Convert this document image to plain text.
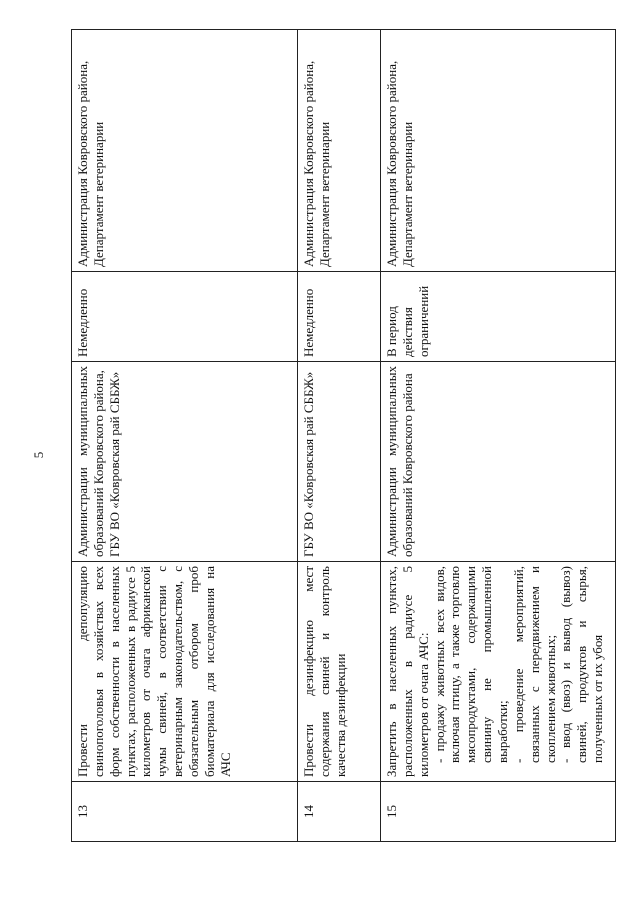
5
13	Провести депопуляцию свинопоголовья в хозяйствах всех форм собственности в населенных пунктах, расположенных в радиусе 5 километров от очага африканской чумы свиней, в соответствии с ветеринарным законодательством, с обязательным отбором проб биоматериала для исследования на АЧС	Администрации муниципальных образований Ковровского района, ГБУ ВО «Ковровская рай СББЖ»	Немедленно	Администрация Ковровского района, Департамент ветеринарии

14	Провести дезинфекцию мест содержания свиней и контроль качества дезинфекции	ГБУ ВО «Ковровская рай СББЖ»	Немедленно	Администрация Ковровского района, Департамент ветеринарии

15	Запретить в населенных пунктах, расположенных в радиусе 5 километров от очага АЧС: - продажу животных всех видов, включая птицу, а также торговлю мясопродуктами, содержащими свинину не промышленной выработки; - проведение мероприятий, связанных с передвижением и скоплением животных; - ввод (ввоз) и вывод (вывоз) свиней, продуктов и сырья, полученных от их убоя	Администрации муниципальных образований Ковровского района	В период действия ограничений	Администрация Ковровского района, Департамент ветеринарии
